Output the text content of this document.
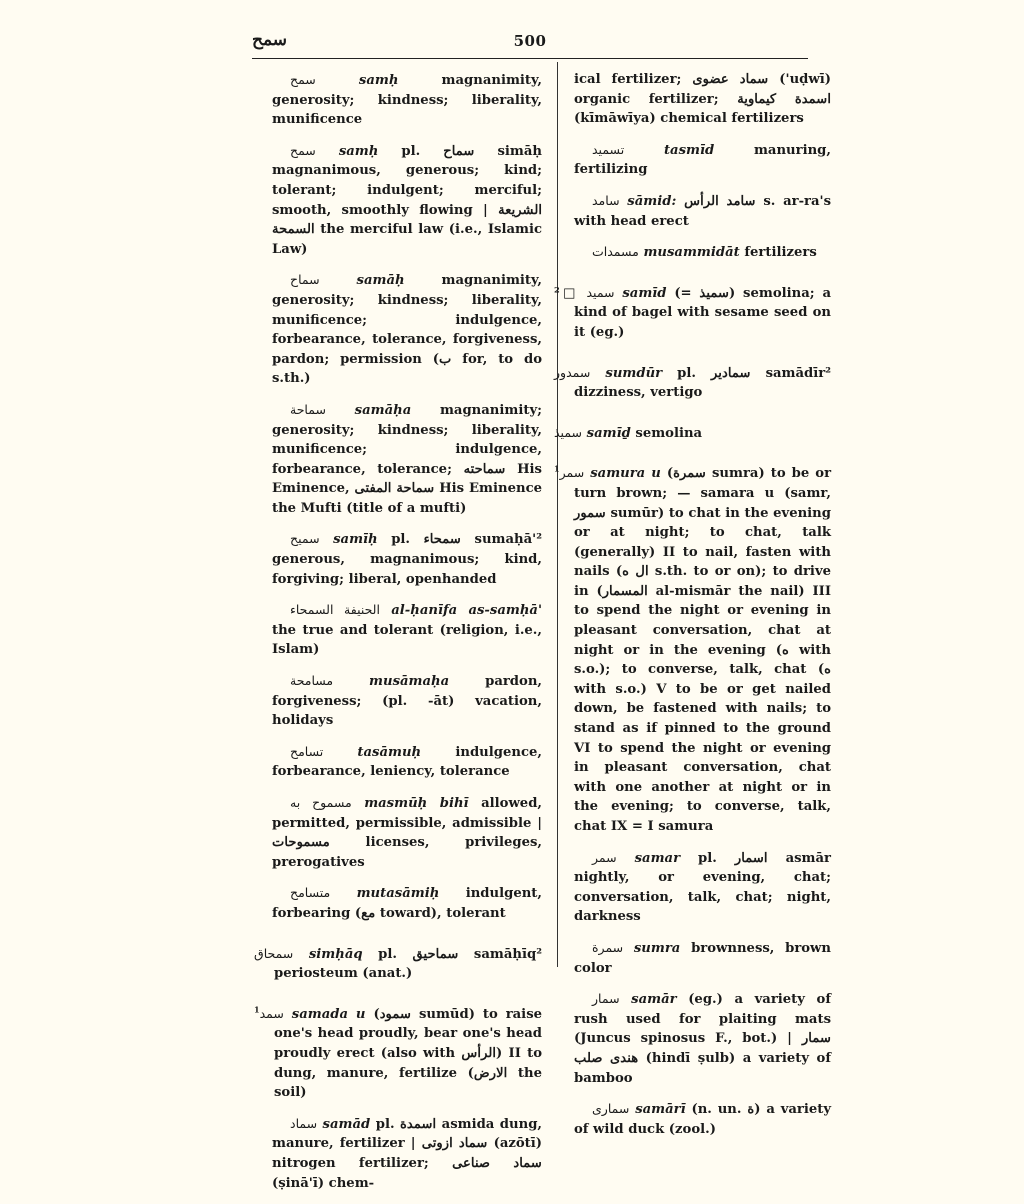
سمح	500

سمح	samḥ	magnanimity, generosity; kindness; liberality, munificence

سمح samḥ pl. سماح simāḥ magnanimous, generous; kind; tolerant; indulgent; merciful; smooth, smoothly flowing | الشريعة السمحة the merciful law (i.e., Islamic Law)

سماح	samāḥ	magnanimity, generosity; kindness; liberality, munificence; indulgence, forbearance, tolerance, forgiveness, pardon; permission (ب for, to do s.th.)

سماحة samāḥa magnanimity; generosity; kindness; liberality, munificence; indulgence, forbearance, tolerance; سماحته His Eminence, سماحة المفتى His Eminence the Mufti (title of a mufti)

سميح samīḥ pl. سمحاء sumaḥā'² generous, magnanimous; kind, forgiving; liberal, openhanded

الحنيفة السمحاء al-ḥanīfa as-samḥā' the true and tolerant (religion, i.e., Islam)

مسامحة	musāmaḥa	pardon, forgiveness; (pl. -āt) vacation, holidays

تسامح	tasāmuḥ	indulgence, forbearance, leniency, tolerance

مسموح به masmūḥ bihī allowed, permitted, permissible, admissible | مسموحات licenses, privileges, prerogatives

متسامح mutasāmiḥ indulgent, forbearing (مع toward), tolerant

سمحاق simḥāq pl. سماحيق samāḥīq² periosteum (anat.)

$^1$سمد samada u (سمود sumūd) to raise one's head proudly, bear one's head proudly erect (also with الرأس) II to dung, manure, fertilize (الارض the soil)

سماد samād pl. اسمدة asmida dung, manure, fertilizer | سماد ازوتى (azōtī) nitrogen fertilizer; سماد صناعى (ṣinā'ī) chem-

ical fertilizer; سماد عضوى ('uḍwī) organic fertilizer; اسمدة كيماوية (kīmāwīya) chemical fertilizers

تسميد	tasmīd	manuring, fertilizing

سامد sāmid: سامد الرأس s. ar-ra's with head erect

مسمدات musammidāt fertilizers

²□ سميد samīd (= سميذ) semolina; a kind of bagel with sesame seed on it (eg.)

سمدور sumdūr pl. سمادير samādīr² dizziness, vertigo

سميذ samīḏ semolina

$^1$سمر samura u (سمرة sumra) to be or turn brown; — samara u (samr, سمور sumūr) to chat in the evening or at night; to chat, talk (generally) II to nail, fasten with nails (ال ه s.th. to or on); to drive in (المسمار al-mismār the nail) III to spend the night or evening in pleasant conversation, chat at night or in the evening (ه with s.o.); to converse, talk, chat (ه with s.o.) V to be or get nailed down, be fastened with nails; to stand as if pinned to the ground VI to spend the night or evening in pleasant conversation, chat with one another at night or in the evening; to converse, talk, chat IX = I samura

سمر samar pl. اسمار asmār nightly, or evening, chat; conversation, talk, chat; night, darkness

سمرة sumra brownness, brown color

سمار samār (eg.) a variety of rush used for plaiting mats (Juncus spinosus F., bot.) | سمار هندى صلب (hindī ṣulb) a variety of bamboo

سمارى samārī (n. un. ة) a variety of wild duck (zool.)
